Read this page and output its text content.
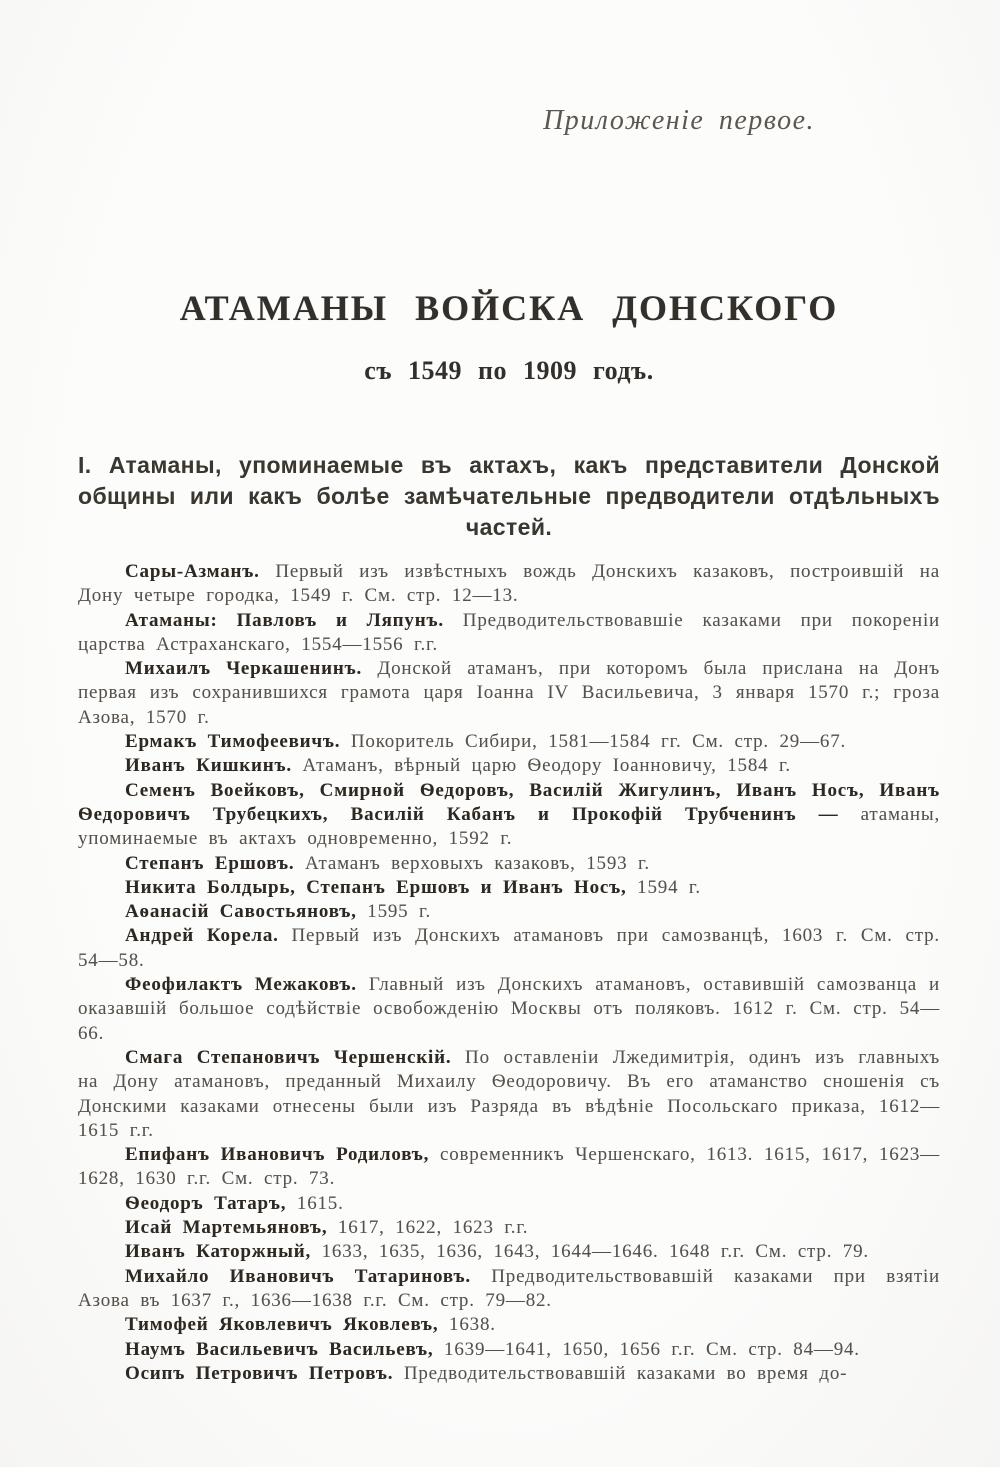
Приложеніе первое.
АТАМАНЫ ВОЙСКА ДОНСКОГО
съ 1549 по 1909 годъ.
I. Атаманы, упоминаемые въ актахъ, какъ представители Донской общины или какъ болѣе замѣчательные предводители отдѣльныхъ частей.

Сары-Азманъ. Первый изъ извѣстныхъ вождь Донскихъ казаковъ, построившій на Дону четыре городка, 1549 г. См. стр. 12—13.

Атаманы: Павловъ и Ляпунъ. Предводительствовавшіе казаками при покореніи царства Астраханскаго, 1554—1556 г.г.

Михаилъ Черкашенинъ. Донской атаманъ, при которомъ была прислана на Донъ первая изъ сохранившихся грамота царя Іоанна IV Васильевича, 3 января 1570 г.; гроза Азова, 1570 г.

Ермакъ Тимофеевичъ. Покоритель Сибири, 1581—1584 гг. См. стр. 29—67.

Иванъ Кишкинъ. Атаманъ, вѣрный царю Ѳеодору Іоанновичу, 1584 г.

Семенъ Воейковъ, Смирной Ѳедоровъ, Василій Жигулинъ, Иванъ Носъ, Иванъ Ѳедоровичъ Трубецкихъ, Василій Кабанъ и Прокофій Трубченинъ — атаманы, упоминаемые въ актахъ одновременно, 1592 г.

Степанъ Ершовъ. Атаманъ верховыхъ казаковъ, 1593 г.

Никита Болдырь, Степанъ Ершовъ и Иванъ Носъ, 1594 г.

Аѳанасій Савостьяновъ, 1595 г.

Андрей Корела. Первый изъ Донскихъ атамановъ при самозванцѣ, 1603 г. См. стр. 54—58.

Феофилактъ Межаковъ. Главный изъ Донскихъ атамановъ, оставившій самозванца и оказавшій большое содѣйствіе освобожденію Москвы отъ поляковъ. 1612 г. См. стр. 54—66.

Смага Степановичъ Чершенскій. По оставленіи Лжедимитрія, одинъ изъ главныхъ на Дону атамановъ, преданный Михаилу Ѳеодоровичу. Въ его атаманство сношенія съ Донскими казаками отнесены были изъ Разряда въ вѣдѣніе Посольскаго приказа, 1612—1615 г.г.

Епифанъ Ивановичъ Родиловъ, современникъ Чершенскаго, 1613. 1615, 1617, 1623—1628, 1630 г.г. См. стр. 73.

Ѳеодоръ Татаръ, 1615.

Исай Мартемьяновъ, 1617, 1622, 1623 г.г.

Иванъ Каторжный, 1633, 1635, 1636, 1643, 1644—1646. 1648 г.г. См. стр. 79.

Михайло Ивановичъ Татариновъ. Предводительствовавшій казаками при взятіи Азова въ 1637 г., 1636—1638 г.г. См. стр. 79—82.

Тимофей Яковлевичъ Яковлевъ, 1638.

Наумъ Васильевичъ Васильевъ, 1639—1641, 1650, 1656 г.г. См. стр. 84—94.

Осипъ Петровичъ Петровъ. Предводительствовавшій казаками во время до-
